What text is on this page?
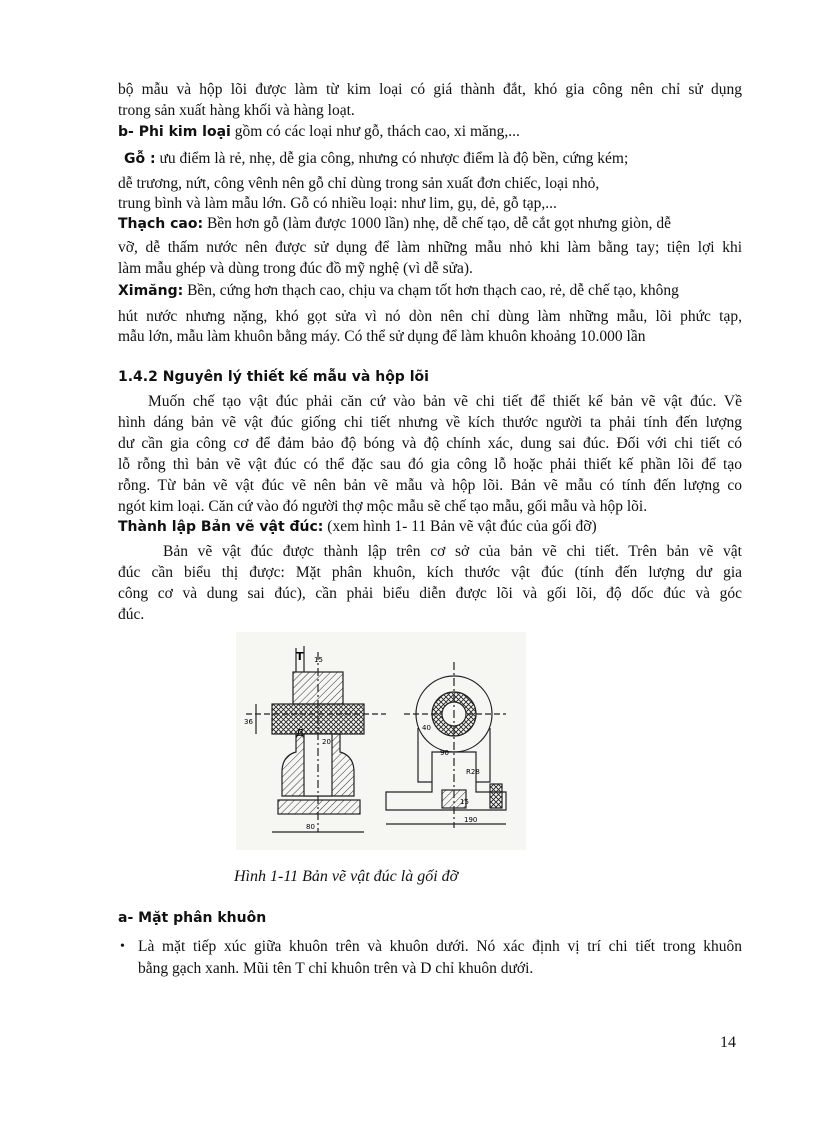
bộ mẫu và hộp lõi được làm từ kim loại có giá thành đắt, khó gia công nên chỉ sử dụng
trong sản xuất hàng khối và hàng loạt.
b- Phi kim loại gồm có các loại như gỗ, thách cao, xi măng,...
Gỗ : ưu điểm là rẻ, nhẹ, dễ gia công, nhưng có nhược điểm là độ bền, cứng kém;
dễ trương, nứt, công vênh nên gỗ chỉ dùng trong sản xuất đơn chiếc, loại nhỏ,
trung bình và làm mẫu lớn. Gỗ có nhiều loại: như lim, gụ, dẻ, gỗ tạp,...
Thạch cao: Bền hơn gỗ (làm được 1000 lần) nhẹ, dễ chế tạo, dễ cắt gọt nhưng giòn, dễ
vỡ, dễ thấm nước nên được sử dụng để làm những mẫu nhỏ khi làm bằng tay; tiện lợi khi
làm mẫu ghép và dùng trong đúc đồ mỹ nghệ (vì dễ sửa).
Ximăng: Bền, cứng hơn thạch cao, chịu va chạm tốt hơn thạch cao, rẻ, dễ chế tạo, không
hút nước nhưng nặng, khó gọt sửa vì nó dòn nên chỉ dùng làm những mẫu, lõi phức tạp,
mẫu lớn, mẫu làm khuôn bằng máy. Có thể sử dụng để làm khuôn khoảng 10.000 lần
1.4.2 Nguyên lý thiết kế mẫu và hộp lõi
Muốn chế tạo vật đúc phải căn cứ vào bản vẽ chi tiết để thiết kế bản vẽ vật đúc. Về
hình dáng bản vẽ vật đúc giống chi tiết nhưng về kích thước người ta phải tính đến lượng
dư cần gia công cơ để đảm bảo độ bóng và độ chính xác, dung sai đúc. Đối với chi tiết có
lỗ rỗng thì bản vẽ vật đúc có thể đặc sau đó gia công lỗ hoặc phải thiết kế phần lõi để tạo
rỗng. Từ bản vẽ vật đúc vẽ nên bản vẽ mẫu và hộp lõi. Bản vẽ mẫu có tính đến lượng co
ngót kim loại. Căn cứ vào đó người thợ mộc mẫu sẽ chế tạo mẫu, gối mẫu và hộp lõi.
Thành lập Bản vẽ vật đúc: (xem hình 1- 11 Bản vẽ vật đúc của gối đỡ)
Bản vẽ vật đúc được thành lập trên cơ sở của bản vẽ chi tiết. Trên bản vẽ vật
đúc cần biểu thị được: Mặt phân khuôn, kích thước vật đúc (tính đến lượng dư gia
công cơ và dung sai đúc), cần phải biểu diễn được lõi và gối lõi, độ dốc đúc và góc
đúc.
T
Д
15
20
80
90
R28
15
190
40
36
Hình 1-11 Bản vẽ vật đúc là gối đỡ
a- Mặt phân khuôn
• Là mặt tiếp xúc giữa khuôn trên và khuôn dưới. Nó xác định vị trí chi tiết trong khuôn
bằng gạch xanh. Mũi tên T chỉ khuôn trên và D chỉ khuôn dưới.
14
